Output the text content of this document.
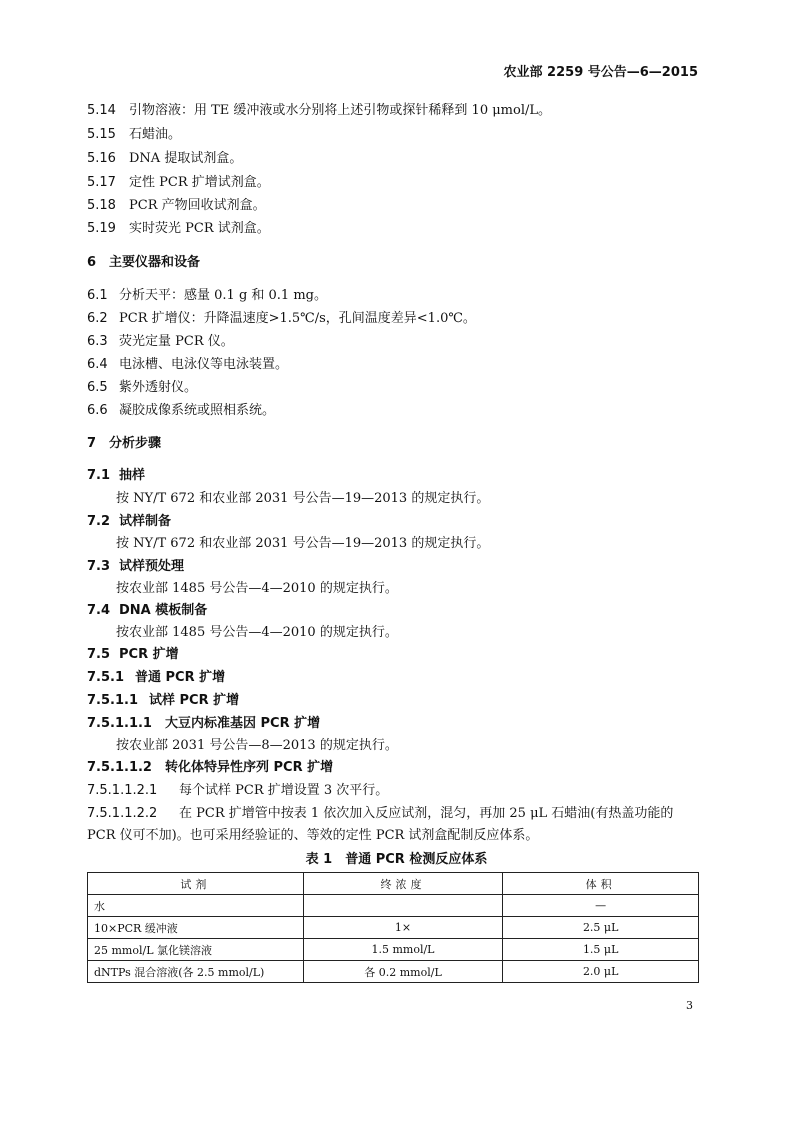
农业部 2259 号公告—6—2015
5.14 引物溶液：用 TE 缓冲液或水分别将上述引物或探针稀释到 10 μmol/L。
5.15 石蜡油。
5.16 DNA 提取试剂盒。
5.17 定性 PCR 扩增试剂盒。
5.18 PCR 产物回收试剂盒。
5.19 实时荧光 PCR 试剂盒。
6 主要仪器和设备
6.1 分析天平：感量 0.1 g 和 0.1 mg。
6.2 PCR 扩增仪：升降温速度>1.5℃/s，孔间温度差异<1.0℃。
6.3 荧光定量 PCR 仪。
6.4 电泳槽、电泳仪等电泳装置。
6.5 紫外透射仪。
6.6 凝胶成像系统或照相系统。
7 分析步骤
7.1 抽样
按 NY/T 672 和农业部 2031 号公告—19—2013 的规定执行。
7.2 试样制备
按 NY/T 672 和农业部 2031 号公告—19—2013 的规定执行。
7.3 试样预处理
按农业部 1485 号公告—4—2010 的规定执行。
7.4 DNA 模板制备
按农业部 1485 号公告—4—2010 的规定执行。
7.5 PCR 扩增
7.5.1 普通 PCR 扩增
7.5.1.1 试样 PCR 扩增
7.5.1.1.1 大豆内标准基因 PCR 扩增
按农业部 2031 号公告—8—2013 的规定执行。
7.5.1.1.2 转化体特异性序列 PCR 扩增
7.5.1.1.2.1 每个试样 PCR 扩增设置 3 次平行。
7.5.1.1.2.2 在 PCR 扩增管中按表 1 依次加入反应试剂，混匀，再加 25 μL 石蜡油(有热盖功能的
PCR 仪可不加)。也可采用经验证的、等效的定性 PCR 试剂盒配制反应体系。
表 1　普通 PCR 检测反应体系
试剂	终浓度	体积
水		—
10×PCR 缓冲液	1×	2.5 μL
25 mmol/L 氯化镁溶液	1.5 mmol/L	1.5 μL
dNTPs 混合溶液(各 2.5 mmol/L)	各 0.2 mmol/L	2.0 μL
3
